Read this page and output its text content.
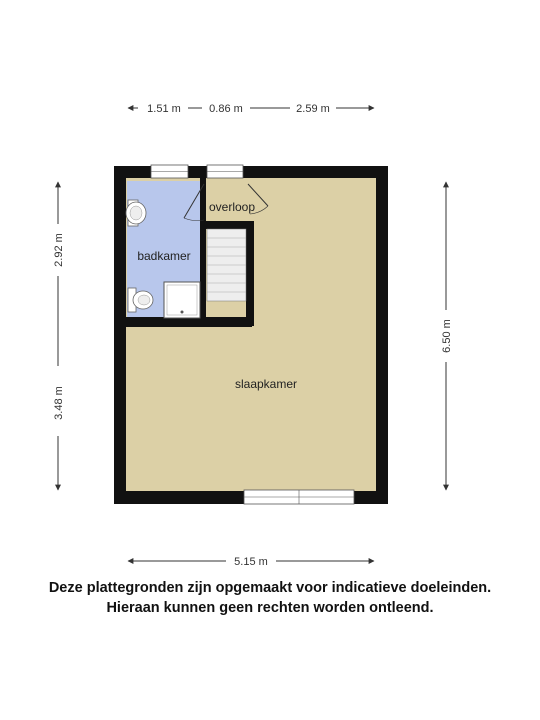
1.51 m	0.86 m	2.59 m
2.92 m
3.48 m
6.50 m
5.15 m
overloop
badkamer
slaapkamer
Deze plattegronden zijn opgemaakt voor indicatieve doeleinden.
Hieraan kunnen geen rechten worden ontleend.
